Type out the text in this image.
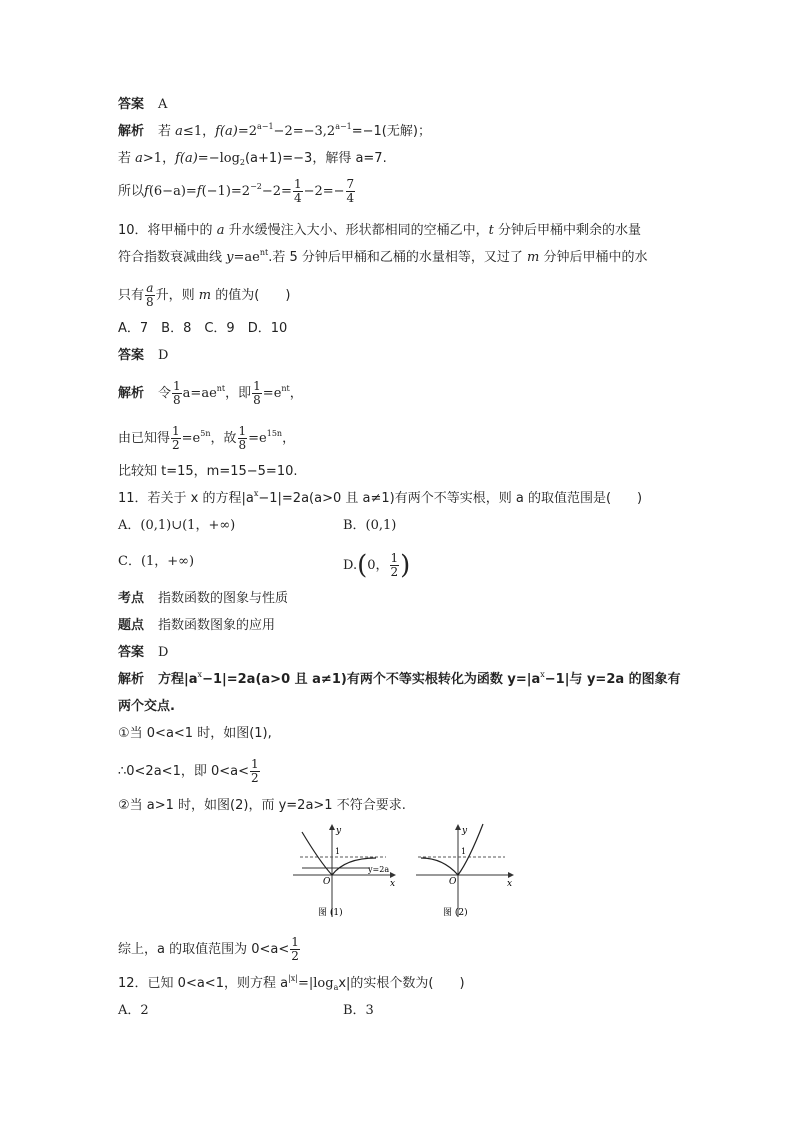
答案 A
解析 若 a≤1，$f(a)=2^{a-1}-2=-3,2^{a-1}=-1$(无解)；
若 a>1，$f(a)=-\log_2(a+1)=-3$，解得 a=7.
所以$f(6-a)=f(-1)=2^{-2}-2= \frac{1}{4} -2=- \frac{7}{4}$
10．将甲桶中的 a 升水缓慢注入大小、形状都相同的空桶乙中，t 分钟后甲桶中剩余的水量
符合指数衰减曲线 $y=ae^{nt}$.若 5 分钟后甲桶和乙桶的水量相等，又过了 m 分钟后甲桶中的水
只有 $\frac{a}{8}$ 升，则 m 的值为(　　)
A．7　B．8　C．9　D．10
答案 D
解析 令 $\frac{1}{8} a=ae^{nt}$，即 $\frac{1}{8} =e^{nt}$，
由已知得 $\frac{1}{2} =e^{5n}$，故 $\frac{1}{8} =e^{15n}$，
比较知 t=15，m=15−5=10.
11．若关于 x 的方程$|a^x-1|=2a(a>0$ 且 a≠1)有两个不等实根，则 a 的取值范围是(　　)
A．(0,1)∪(1，+∞)	B．(0,1)
C．(1，+∞)	D.(0， $\frac{1}{2}$ )
考点 指数函数的图象与性质
题点 指数函数图象的应用
答案 D
解析 方程$|a^x-1|=2a(a>0$ 且 a≠1)有两个不等实根转化为函数 $y=|a^x-1|$与 y=2a 的图象有
两个交点.
①当 0<a<1 时，如图(1),
∴0<2a<1，即 $0<a< \frac{1}{2}$
②当 a>1 时，如图(2)，而 y=2a>1 不符合要求.
y
x
O
1
y=2a
图 (1)
y
x
O
1
图 (2)
综上，a 的取值范围为 $0<a< \frac{1}{2}$
12．已知 0<a<1，则方程 $a^{|x|}=|\log_ax|$的实根个数为(　　)
A．2	B．3
